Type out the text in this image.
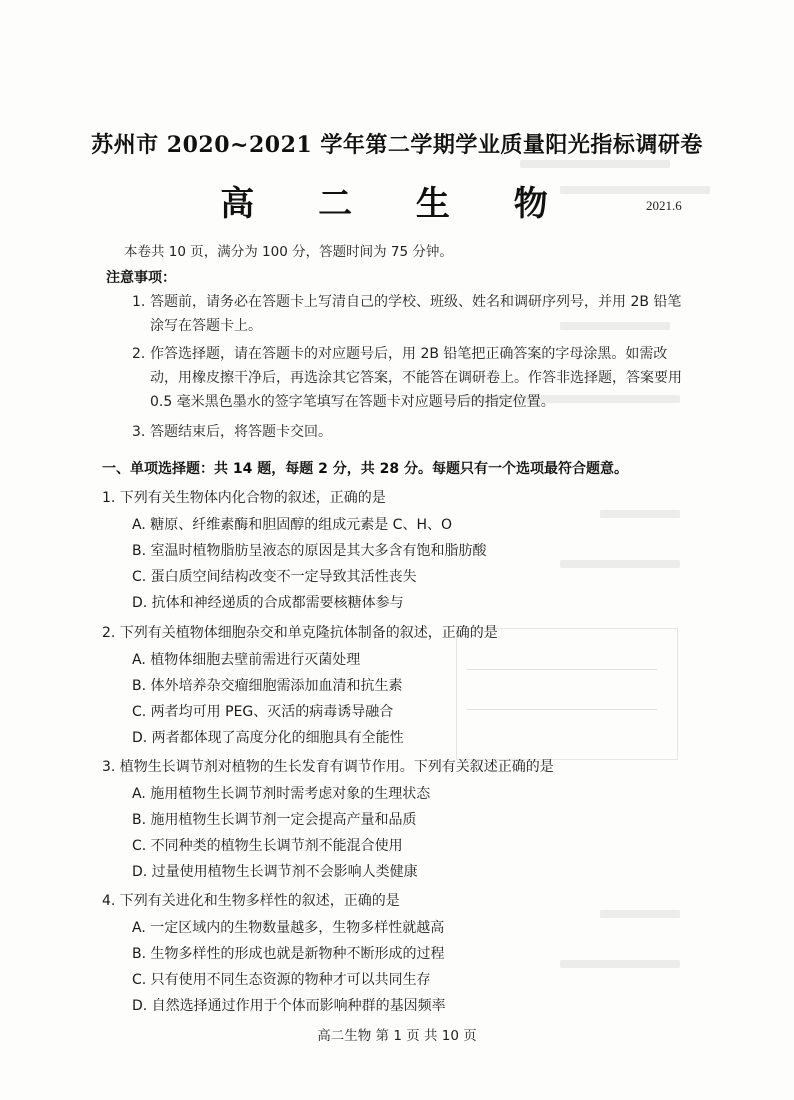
苏州市 2020~2021 学年第二学期学业质量阳光指标调研卷
高 二 生 物	2021.6
本卷共 10 页，满分为 100 分，答题时间为 75 分钟。
注意事项：
1. 答题前，请务必在答题卡上写清自己的学校、班级、姓名和调研序列号，并用 2B 铅笔涂写在答题卡上。
2. 作答选择题，请在答题卡的对应题号后，用 2B 铅笔把正确答案的字母涂黑。如需改动，用橡皮擦干净后，再选涂其它答案，不能答在调研卷上。作答非选择题，答案要用 0.5 毫米黑色墨水的签字笔填写在答题卡对应题号后的指定位置。
3. 答题结束后，将答题卡交回。
一、单项选择题：共 14 题，每题 2 分，共 28 分。每题只有一个选项最符合题意。
1. 下列有关生物体内化合物的叙述，正确的是
A. 糖原、纤维素酶和胆固醇的组成元素是 C、H、O
B. 室温时植物脂肪呈液态的原因是其大多含有饱和脂肪酸
C. 蛋白质空间结构改变不一定导致其活性丧失
D. 抗体和神经递质的合成都需要核糖体参与
2. 下列有关植物体细胞杂交和单克隆抗体制备的叙述，正确的是
A. 植物体细胞去壁前需进行灭菌处理
B. 体外培养杂交瘤细胞需添加血清和抗生素
C. 两者均可用 PEG、灭活的病毒诱导融合
D. 两者都体现了高度分化的细胞具有全能性
3. 植物生长调节剂对植物的生长发育有调节作用。下列有关叙述正确的是
A. 施用植物生长调节剂时需考虑对象的生理状态
B. 施用植物生长调节剂一定会提高产量和品质
C. 不同种类的植物生长调节剂不能混合使用
D. 过量使用植物生长调节剂不会影响人类健康
4. 下列有关进化和生物多样性的叙述，正确的是
A. 一定区域内的生物数量越多，生物多样性就越高
B. 生物多样性的形成也就是新物种不断形成的过程
C. 只有使用不同生态资源的物种才可以共同生存
D. 自然选择通过作用于个体而影响种群的基因频率
高二生物 第 1 页 共 10 页
